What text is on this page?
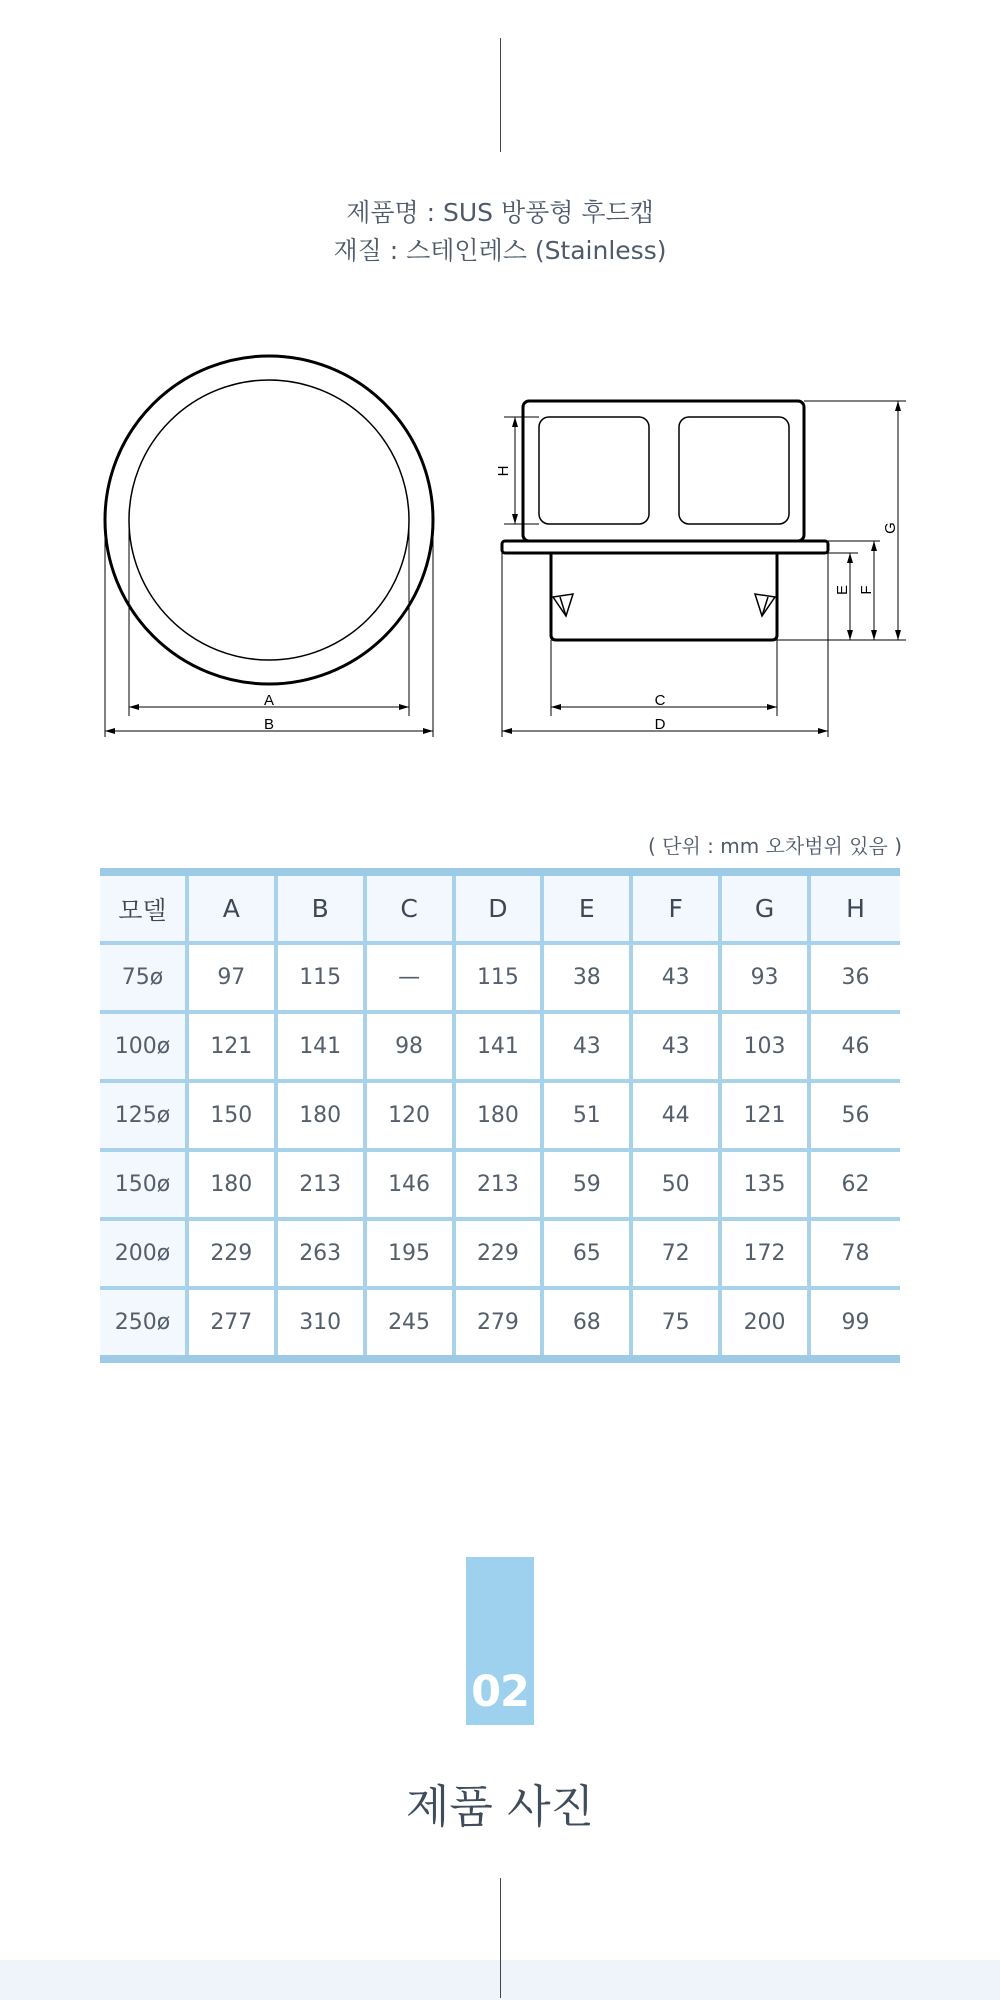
제품명 : SUS 방풍형 후드캡
재질 : 스테인레스 (Stainless)
A
B
C
D
H
E F
G
( 단위 : mm 오차범위 있음 )
모델	A	B	C	D	E	F	G	H
75ø	97	115	—	115	38	43	93	36
100ø	121	141	98	141	43	43	103	46
125ø	150	180	120	180	51	44	121	56
150ø	180	213	146	213	59	50	135	62
200ø	229	263	195	229	65	72	172	78
250ø	277	310	245	279	68	75	200	99
02
제품 사진
